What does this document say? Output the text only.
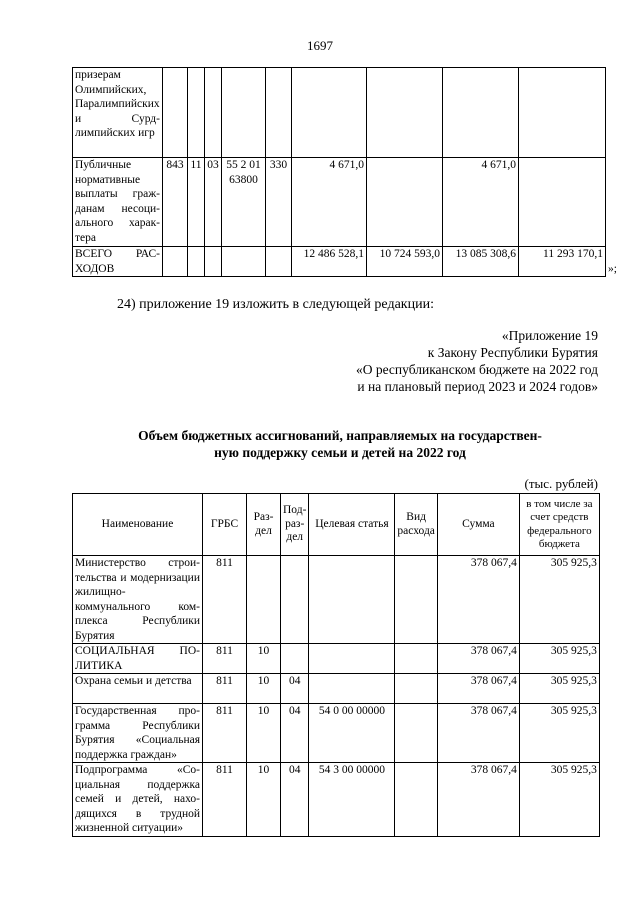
1697
призерам Олимпийских, Паралимпийских и Сурдлимпийских игр									
Публичные нормативные выплаты гражданам несоциального характера	843	11	03	55 2 01 63800	330	4 671,0		4 671,0	
ВСЕГО РАСХОДОВ						12 486 528,1	10 724 593,0	13 085 308,6	11 293 170,1
»;
24) приложение 19 изложить в следующей редакции:
«Приложение 19
к Закону Республики Бурятия
«О республиканском бюджете на 2022 год
и на плановый период 2023 и 2024 годов»
Объем бюджетных ассигнований, направляемых на государствен-
ную поддержку семьи и детей на 2022 год
(тыс. рублей)
Наименование	ГРБС	Раз-дел	Под-раз-дел	Целевая статья	Вид расхода	Сумма	в том числе за счет средств федерального бюджета
Министерство строительства и модернизации жилищно-коммунального комплекса Республики Бурятия	811					378 067,4	305 925,3
СОЦИАЛЬНАЯ ПОЛИТИКА	811	10				378 067,4	305 925,3
Охрана семьи и детства	811	10	04			378 067,4	305 925,3
Государственная программа Республики Бурятия «Социальная поддержка граждан»	811	10	04	54 0 00 00000		378 067,4	305 925,3
Подпрограмма «Социальная поддержка семей и детей, находящихся в трудной жизненной ситуации»	811	10	04	54 3 00 00000		378 067,4	305 925,3
